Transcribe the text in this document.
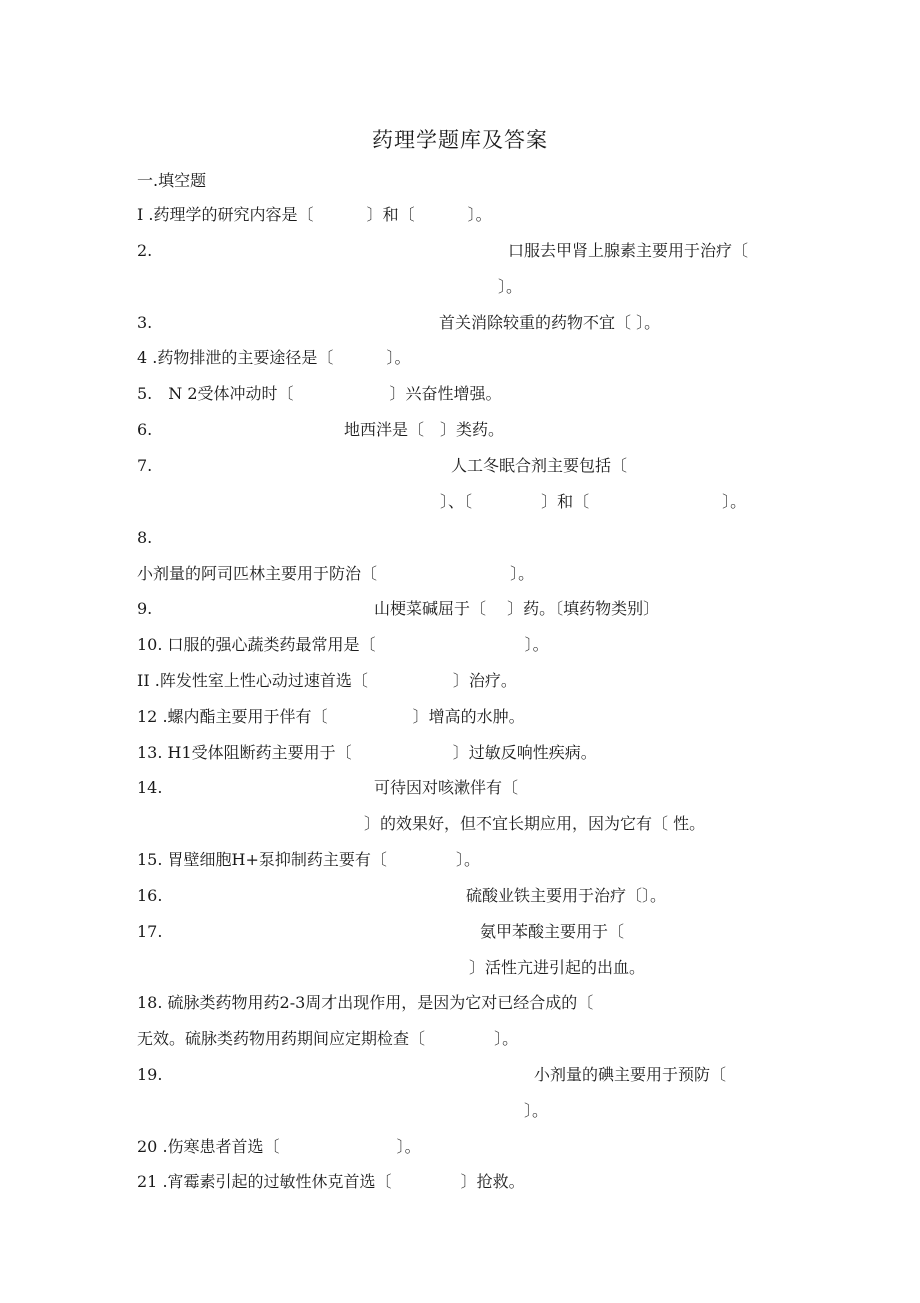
药理学题库及答案
一.填空题
I .药理学的研究内容是〔　　　 〕和〔　　　 〕。
2.	口服去甲肾上腺素主要用于治疗〔
〕。
3.	首关消除较重的药物不宜〔 〕。
4 .药物排泄的主要途径是〔　　　 〕。
5.　N 2受体冲动时〔　　　　　　〕兴奋性增强。
6.	地西泮是〔　〕类药。
7.	人工冬眠合剂主要包括〔
〕、〔　　　　 〕和〔　　　　　　　　 〕。
8.
小剂量的阿司匹林主要用于防治〔　　　　　　　　 〕。
9.	山梗菜碱屈于〔　 〕药。〔填药物类别〕
10. 口服的强心蔬类药最常用是〔　　　　　　　　　 〕。
II .阵发性室上性心动过速首选〔　　　　　 〕治疗。
12 .螺内酯主要用于伴有〔　　　　　 〕增高的水肿。
13. H1受体阻断药主要用于〔　　　　　　 〕过敏反响性疾病。
14.	可待因对咳漱伴有〔
〕的效果好，但不宜长期应用，因为它有〔 性。
15. 胃壁细胞H+泵抑制药主要有〔　　　　 〕。
16.	硫酸业铁主要用于治疗〔〕。
17.	氨甲苯酸主要用于〔
〕活性亢进引起的出血。
18. 硫脉类药物用药2-3周才出现作用，是因为它对已经合成的〔
无效。硫脉类药物用药期间应定期检查〔　　　　 〕。
19.	小剂量的碘主要用于预防〔
〕。
20 .伤寒患者首选〔　　　　　　　 〕。
21 .宵霉素引起的过敏性休克首选〔　　　　 〕抢救。
